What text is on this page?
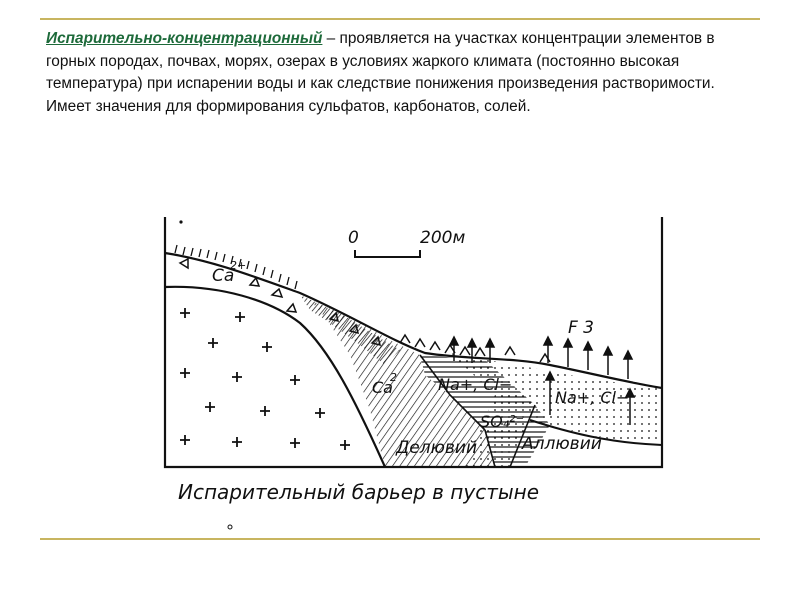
Испарительно-концентрационный – проявляется на участках концентрации элементов в горных породах, почвах, морях, озерах в условиях жаркого климата (постоянно высокая температура) при испарении воды и как следствие понижения произведения растворимости. Имеет значения для формирования сульфатов, карбонатов, солей.
0	200м
Ca
2+
Ca
2	Na+, Cl−
SO₄²⁻
Na+, Cl−
F 3
Делювий	Аллювий
Испарительный барьер в пустыне
